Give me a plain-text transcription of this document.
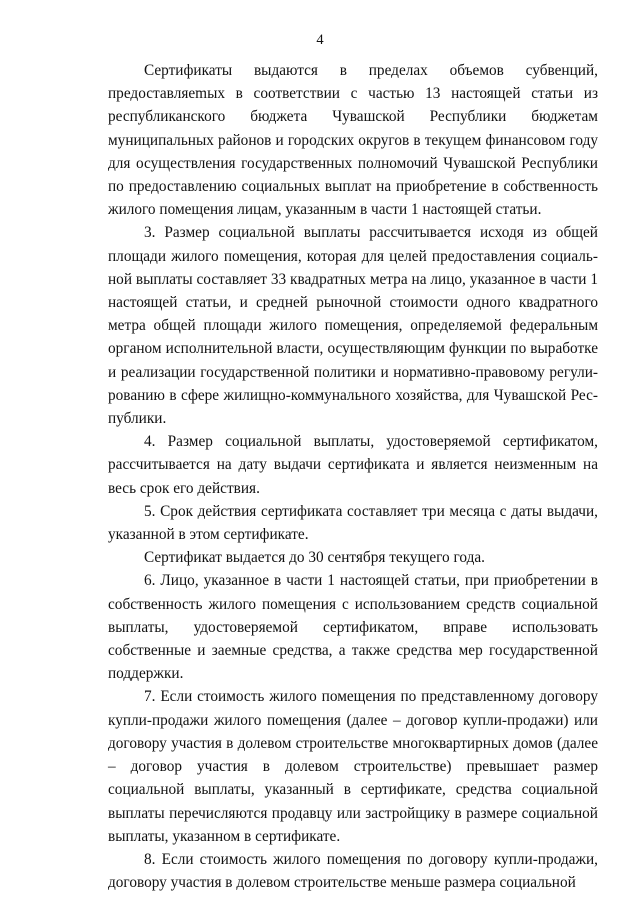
4

Сертификаты выдаются в пределах объемов субвенций, предоставляеmых в соответствии с частью 13 настоящей статьи из республиканского бюджета Чувашской Республики бюджетам муниципальных районов и городских округов в текущем финансовом году для осуществления государственных полномочий Чувашской Республики по предоставлению социальных выплат на приобретение в собственность жилого помещения лицам, указанным в части 1 настоящей статьи.

3. Размер социальной выплаты рассчитывается исходя из общей площади жилого помещения, которая для целей предоставления социальной выплаты составляет 33 квадратных метра на лицо, указанное в части 1 настоящей статьи, и средней рыночной стоимости одного квадратного метра общей площади жилого помещения, определяемой федеральным органом исполнительной власти, осуществляющим функции по выработке и реализации государственной политики и нормативно-правовому регулированию в сфере жилищно-коммунального хозяйства, для Чувашской Республики.

4. Размер социальной выплаты, удостоверяемой сертификатом, рассчитывается на дату выдачи сертификата и является неизменным на весь срок его действия.

5. Срок действия сертификата составляет три месяца с даты выдачи, указанной в этом сертификате.

Сертификат выдается до 30 сентября текущего года.

6. Лицо, указанное в части 1 настоящей статьи, при приобретении в собственность жилого помещения с использованием средств социальной выплаты, удостоверяемой сертификатом, вправе использовать собственные и заемные средства, а также средства мер государственной поддержки.

7. Если стоимость жилого помещения по представленному договору купли-продажи жилого помещения (далее – договор купли-продажи) или договору участия в долевом строительстве многоквартирных домов (далее – договор участия в долевом строительстве) превышает размер социальной выплаты, указанный в сертификате, средства социальной выплаты перечисляются продавцу или застройщику в размере социальной выплаты, указанном в сертификате.

8. Если стоимость жилого помещения по договору купли-продажи, договору участия в долевом строительстве меньше размера социальной
